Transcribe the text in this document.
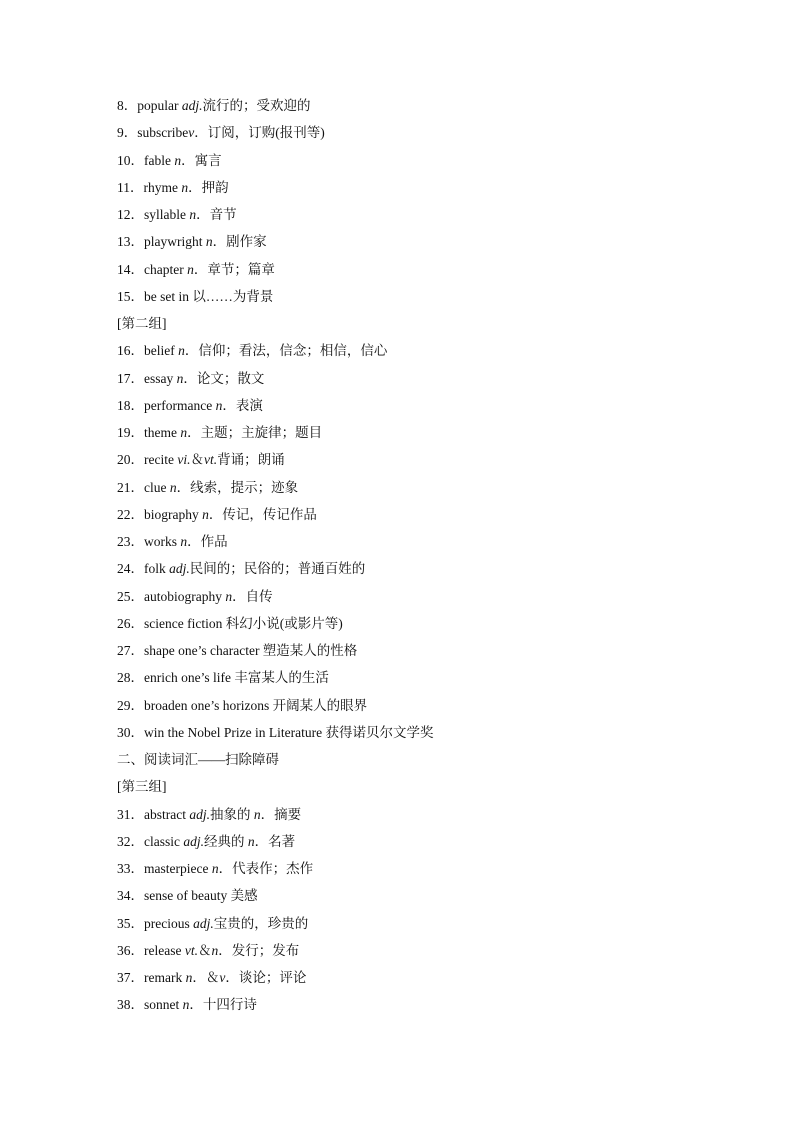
8．popular adj.流行的；受欢迎的
9．subscribev．订阅，订购(报刊等)
10．fable n．寓言
11．rhyme n．押韵
12．syllable n．音节
13．playwright n．剧作家
14．chapter n．章节；篇章
15．be set in 以……为背景
[第二组]
16．belief n．信仰；看法，信念；相信，信心
17．essay n．论文；散文
18．performance n．表演
19．theme n．主题；主旋律；题目
20．recite vi.＆vt.背诵；朗诵
21．clue n．线索，提示；迹象
22．biography n．传记，传记作品
23．works n．作品
24．folk adj.民间的；民俗的；普通百姓的
25．autobiography n．自传
26．science fiction 科幻小说(或影片等)
27．shape one’s character 塑造某人的性格
28．enrich one’s life 丰富某人的生活
29．broaden one’s horizons 开阔某人的眼界
30．win the Nobel Prize in Literature 获得诺贝尔文学奖
二、阅读词汇——扫除障碍
[第三组]
31．abstract adj.抽象的 n．摘要
32．classic adj.经典的 n．名著
33．masterpiece n．代表作；杰作
34．sense of beauty 美感
35．precious adj.宝贵的，珍贵的
36．release vt.＆n．发行；发布
37．remark n．＆v．谈论；评论
38．sonnet n．十四行诗
